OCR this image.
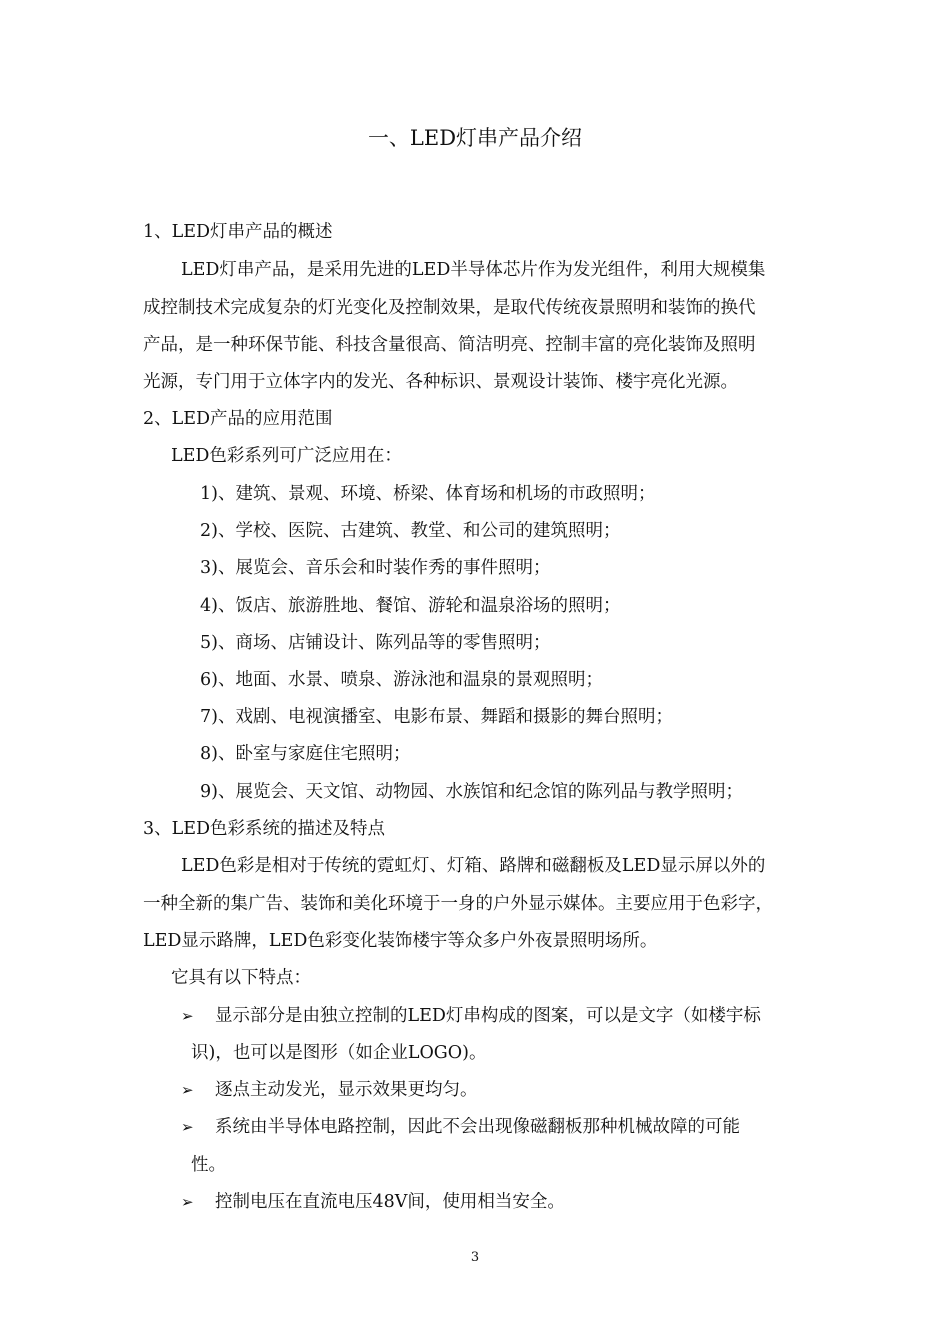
一、LED灯串产品介绍
1、LED灯串产品的概述
LED灯串产品，是采用先进的LED半导体芯片作为发光组件，利用大规模集
成控制技术完成复杂的灯光变化及控制效果，是取代传统夜景照明和装饰的换代
产品，是一种环保节能、科技含量很高、简洁明亮、控制丰富的亮化装饰及照明
光源，专门用于立体字内的发光、各种标识、景观设计装饰、楼宇亮化光源。
2、LED产品的应用范围
LED色彩系列可广泛应用在：
1)、建筑、景观、环境、桥梁、体育场和机场的市政照明；
2)、学校、医院、古建筑、教堂、和公司的建筑照明；
3)、展览会、音乐会和时装作秀的事件照明；
4)、饭店、旅游胜地、餐馆、游轮和温泉浴场的照明；
5)、商场、店铺设计、陈列品等的零售照明；
6)、地面、水景、喷泉、游泳池和温泉的景观照明；
7)、戏剧、电视演播室、电影布景、舞蹈和摄影的舞台照明；
8)、卧室与家庭住宅照明；
9)、展览会、天文馆、动物园、水族馆和纪念馆的陈列品与教学照明；
3、LED色彩系统的描述及特点
LED色彩是相对于传统的霓虹灯、灯箱、路牌和磁翻板及LED显示屏以外的
一种全新的集广告、装饰和美化环境于一身的户外显示媒体。主要应用于色彩字，
LED显示路牌，LED色彩变化装饰楼宇等众多户外夜景照明场所。
它具有以下特点：
➢ 显示部分是由独立控制的LED灯串构成的图案，可以是文字（如楼宇标
识)，也可以是图形（如企业LOGO)。
➢ 逐点主动发光，显示效果更均匀。
➢ 系统由半导体电路控制，因此不会出现像磁翻板那种机械故障的可能
性。
➢ 控制电压在直流电压48V间，使用相当安全。
3
